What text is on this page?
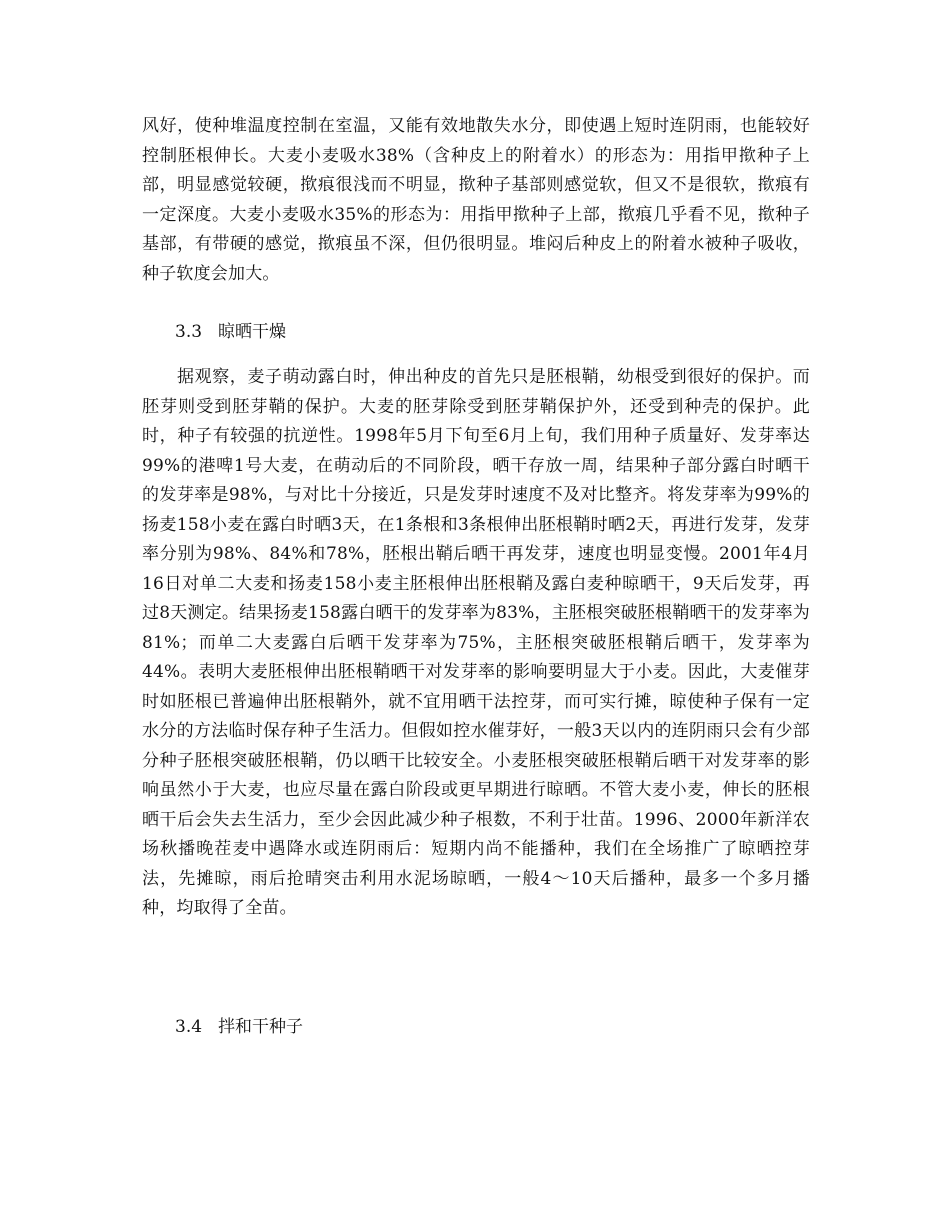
风好，使种堆温度控制在室温，又能有效地散失水分，即使遇上短时连阴雨，也能较好控制胚根伸长。大麦小麦吸水38%（含种皮上的附着水）的形态为：用指甲揿种子上部，明显感觉较硬，揿痕很浅而不明显，揿种子基部则感觉软，但又不是很软，揿痕有一定深度。大麦小麦吸水35%的形态为：用指甲揿种子上部，揿痕几乎看不见，揿种子基部，有带硬的感觉，揿痕虽不深，但仍很明显。堆闷后种皮上的附着水被种子吸收，种子软度会加大。

3.3 晾晒干燥

据观察，麦子萌动露白时，伸出种皮的首先只是胚根鞘，幼根受到很好的保护。而胚芽则受到胚芽鞘的保护。大麦的胚芽除受到胚芽鞘保护外，还受到种壳的保护。此时，种子有较强的抗逆性。1998年5月下旬至6月上旬，我们用种子质量好、发芽率达99%的港啤1号大麦，在萌动后的不同阶段，晒干存放一周，结果种子部分露白时晒干的发芽率是98%，与对比十分接近，只是发芽时速度不及对比整齐。将发芽率为99%的扬麦158小麦在露白时晒3天，在1条根和3条根伸出胚根鞘时晒2天，再进行发芽，发芽率分别为98%、84%和78%，胚根出鞘后晒干再发芽，速度也明显变慢。2001年4月16日对单二大麦和扬麦158小麦主胚根伸出胚根鞘及露白麦种晾晒干，9天后发芽，再过8天测定。结果扬麦158露白晒干的发芽率为83%，主胚根突破胚根鞘晒干的发芽率为81%；而单二大麦露白后晒干发芽率为75%，主胚根突破胚根鞘后晒干，发芽率为44%。表明大麦胚根伸出胚根鞘晒干对发芽率的影响要明显大于小麦。因此，大麦催芽时如胚根已普遍伸出胚根鞘外，就不宜用晒干法控芽，而可实行摊，晾使种子保有一定水分的方法临时保存种子生活力。但假如控水催芽好，一般3天以内的连阴雨只会有少部分种子胚根突破胚根鞘，仍以晒干比较安全。小麦胚根突破胚根鞘后晒干对发芽率的影响虽然小于大麦，也应尽量在露白阶段或更早期进行晾晒。不管大麦小麦，伸长的胚根晒干后会失去生活力，至少会因此减少种子根数，不利于壮苗。1996、2000年新洋农场秋播晚茬麦中遇降水或连阴雨后：短期内尚不能播种，我们在全场推广了晾晒控芽法，先摊晾，雨后抢晴突击利用水泥场晾晒，一般4～10天后播种，最多一个多月播种，均取得了全苗。

3.4 拌和干种子
